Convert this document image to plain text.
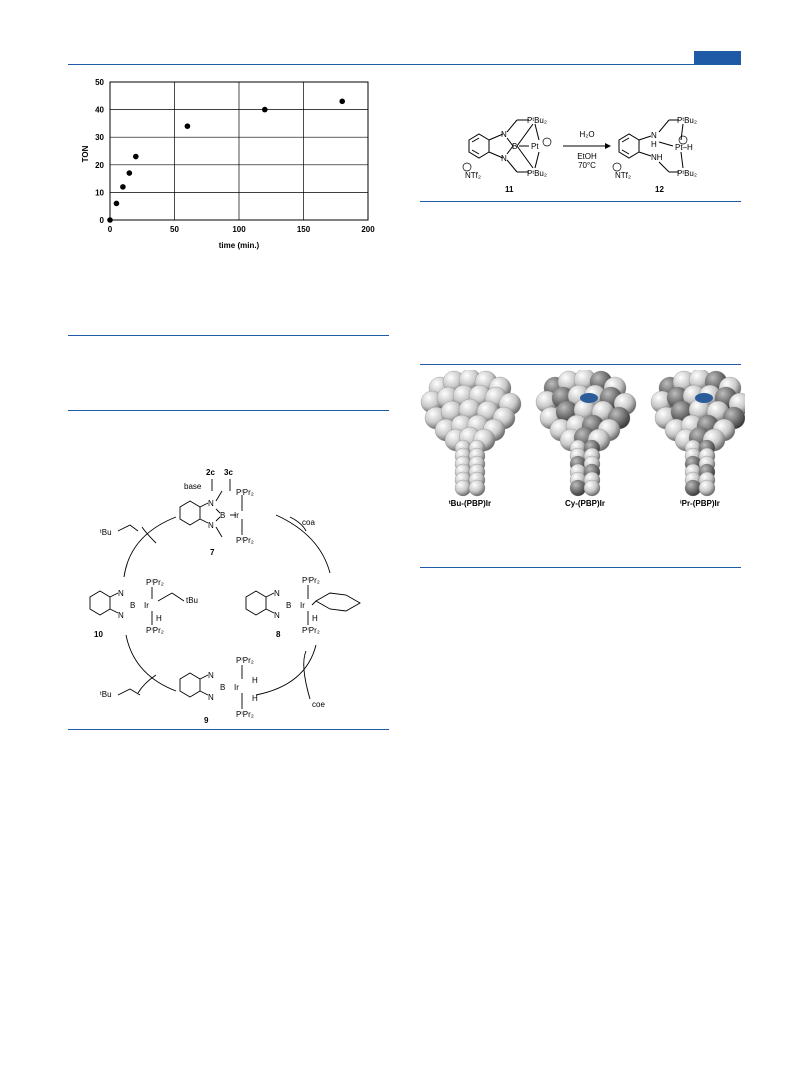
0	50	100	150	200
0
10
20
30
40
50
TON
time (min.)
N
N
B Pt
PᵗBu₂
PᵗBu₂
NTf₂
11
H₂O
EtOH
70°C
N
H
NH
Pt–H
PᵗBu₂
PᵗBu₂
NTf₂
12
ᵗBu-(PBP)Ir	Cy-(PBP)Ir	ⁱPr-(PBP)Ir
2c 3c
base
coa
coe
ᵗBu
ᵗBu
tBu
PⁱPr₂
PⁱPr₂
B Ir
N
N
7
PⁱPr₂
PⁱPr₂
B Ir
H
N
N
8
PⁱPr₂
PⁱPr₂
B Ir
H
H
N
N
9
PⁱPr₂
PⁱPr₂
B Ir
H
N
N
10
